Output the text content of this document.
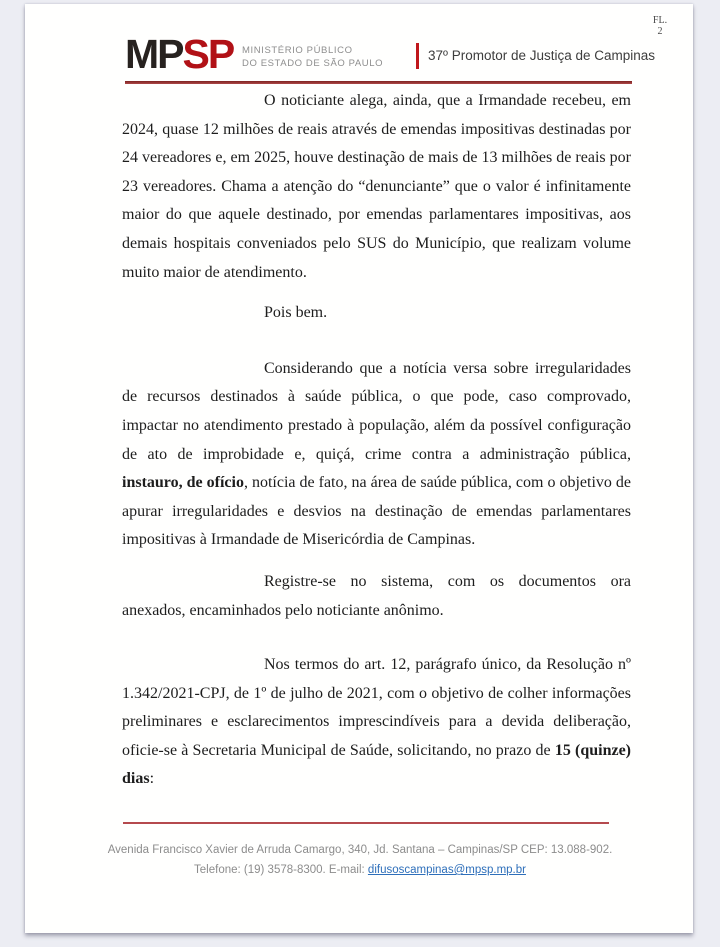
FL.
2
MPSP MINISTÉRIO PÚBLICO
DO ESTADO DE SÃO PAULO	37º Promotor de Justiça de Campinas

O noticiante alega, ainda, que a Irmandade recebeu, em 2024, quase 12 milhões de reais através de emendas impositivas destinadas por 24 vereadores e, em 2025, houve destinação de mais de 13 milhões de reais por 23 vereadores. Chama a atenção do “denunciante” que o valor é infinitamente maior do que aquele destinado, por emendas parlamentares impositivas, aos demais hospitais conveniados pelo SUS do Município, que realizam volume muito maior de atendimento.

Pois bem.

Considerando que a notícia versa sobre irregularidades de recursos destinados à saúde pública, o que pode, caso comprovado, impactar no atendimento prestado à população, além da possível configuração de ato de improbidade e, quiçá, crime contra a administração pública, instauro, de ofício, notícia de fato, na área de saúde pública, com o objetivo de apurar irregularidades e desvios na destinação de emendas parlamentares impositivas à Irmandade de Misericórdia de Campinas.

Registre-se no sistema, com os documentos ora anexados, encaminhados pelo noticiante anônimo.

Nos termos do art. 12, parágrafo único, da Resolução nº 1.342/2021-CPJ, de 1º de julho de 2021, com o objetivo de colher informações preliminares e esclarecimentos imprescindíveis para a devida deliberação, oficie-se à Secretaria Municipal de Saúde, solicitando, no prazo de 15 (quinze) dias:

Avenida Francisco Xavier de Arruda Camargo, 340, Jd. Santana – Campinas/SP CEP: 13.088-902.
Telefone: (19) 3578-8300. E-mail: difusoscampinas@mpsp.mp.br
